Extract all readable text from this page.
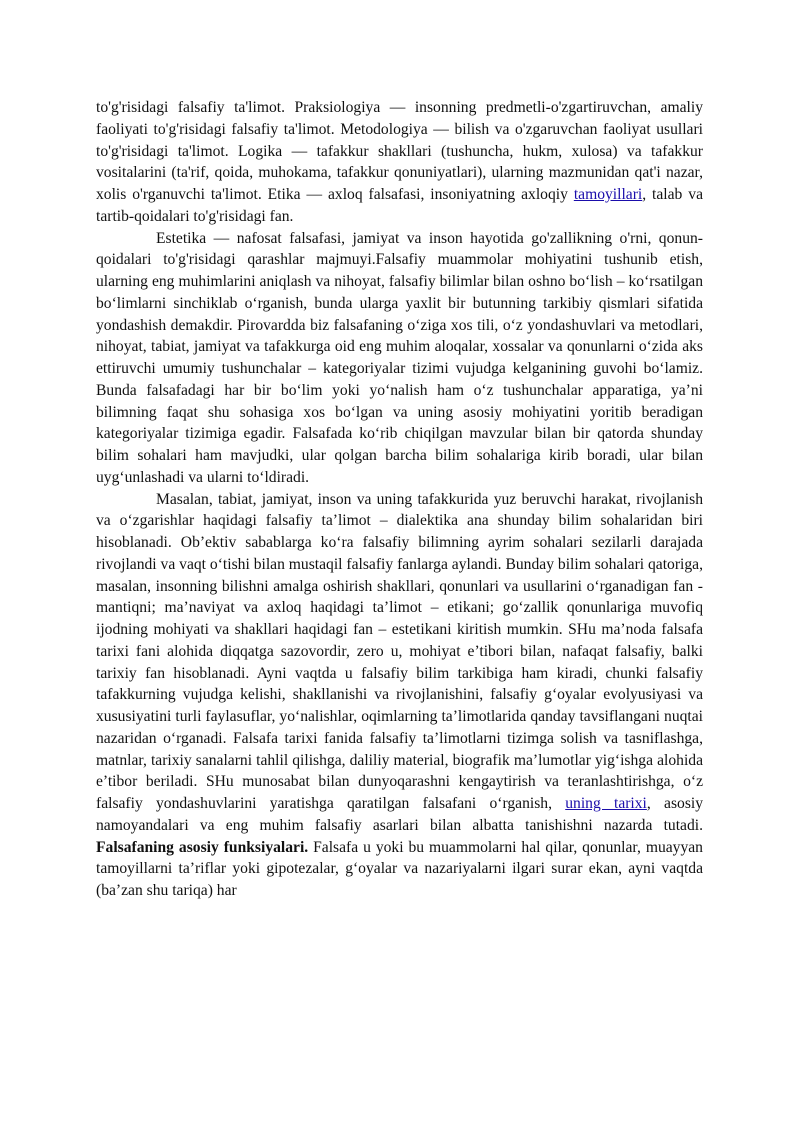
to'g'risidagi falsafiy ta'limot. Praksiologiya — insonning predmetli-o'zgartiruvchan, amaliy faoliyati to'g'risidagi falsafiy ta'limot. Metodologiya — bilish va o'zgaruvchan faoliyat usullari to'g'risidagi ta'limot. Logika — tafakkur shakllari (tushuncha, hukm, xulosa) va tafakkur vositalarini (ta'rif, qoida, muhokama, tafakkur qonuniyatlari), ularning mazmunidan qat'i nazar, xolis o'rganuvchi ta'limot. Etika — axloq falsafasi, insoniyatning axloqiy tamoyillari, talab va tartib-qoidalari to'g'risidagi fan.

Estetika — nafosat falsafasi, jamiyat va inson hayotida go'zallikning o'rni, qonun-qoidalari to'g'risidagi qarashlar majmuyi.Falsafiy muammolar mohiyatini tushunib etish, ularning eng muhimlarini aniqlash va nihoyat, falsafiy bilimlar bilan oshno bo‘lish – ko‘rsatilgan bo‘limlarni sinchiklab o‘rganish, bunda ularga yaxlit bir butunning tarkibiy qismlari sifatida yondashish demakdir. Pirovardda biz falsafaning o‘ziga xos tili, o‘z yondashuvlari va metodlari, nihoyat, tabiat, jamiyat va tafakkurga oid eng muhim aloqalar, xossalar va qonunlarni o‘zida aks ettiruvchi umumiy tushunchalar – kategoriyalar tizimi vujudga kelganining guvohi bo‘lamiz. Bunda falsafadagi har bir bo‘lim yoki yo‘nalish ham o‘z tushunchalar apparatiga, ya’ni bilimning faqat shu sohasiga xos bo‘lgan va uning asosiy mohiyatini yoritib beradigan kategoriyalar tizimiga egadir. Falsafada ko‘rib chiqilgan mavzular bilan bir qatorda shunday bilim sohalari ham mavjudki, ular qolgan barcha bilim sohalariga kirib boradi, ular bilan uyg‘unlashadi va ularni to‘ldiradi.

Masalan, tabiat, jamiyat, inson va uning tafakkurida yuz beruvchi harakat, rivojlanish va o‘zgarishlar haqidagi falsafiy ta’limot – dialektika ana shunday bilim sohalaridan biri hisoblanadi. Ob’ektiv sabablarga ko‘ra falsafiy bilimning ayrim sohalari sezilarli darajada rivojlandi va vaqt o‘tishi bilan mustaqil falsafiy fanlarga aylandi. Bunday bilim sohalari qatoriga, masalan, insonning bilishni amalga oshirish shakllari, qonunlari va usullarini o‘rganadigan fan - mantiqni; ma’naviyat va axloq haqidagi ta’limot – etikani; go‘zallik qonunlariga muvofiq ijodning mohiyati va shakllari haqidagi fan – estetikani kiritish mumkin. SHu ma’noda falsafa tarixi fani alohida diqqatga sazovordir, zero u, mohiyat e’tibori bilan, nafaqat falsafiy, balki tarixiy fan hisoblanadi. Ayni vaqtda u falsafiy bilim tarkibiga ham kiradi, chunki falsafiy tafakkurning vujudga kelishi, shakllanishi va rivojlanishini, falsafiy g‘oyalar evolyusiyasi va xususiyatini turli faylasuflar, yo‘nalishlar, oqimlarning ta’limotlarida qanday tavsiflangani nuqtai nazaridan o‘rganadi. Falsafa tarixi fanida falsafiy ta’limotlarni tizimga solish va tasniflashga, matnlar, tarixiy sanalarni tahlil qilishga, daliliy material, biografik ma’lumotlar yig‘ishga alohida e’tibor beriladi. SHu munosabat bilan dunyoqarashni kengaytirish va teranlashtirishga, o‘z falsafiy yondashuvlarini yaratishga qaratilgan falsafani o‘rganish, uning tarixi, asosiy namoyandalari va eng muhim falsafiy asarlari bilan albatta tanishishni nazarda tutadi. Falsafaning asosiy funksiyalari. Falsafa u yoki bu muammolarni hal qilar, qonunlar, muayyan tamoyillarni ta’riflar yoki gipotezalar, g‘oyalar va nazariyalarni ilgari surar ekan, ayni vaqtda (ba’zan shu tariqa) har
